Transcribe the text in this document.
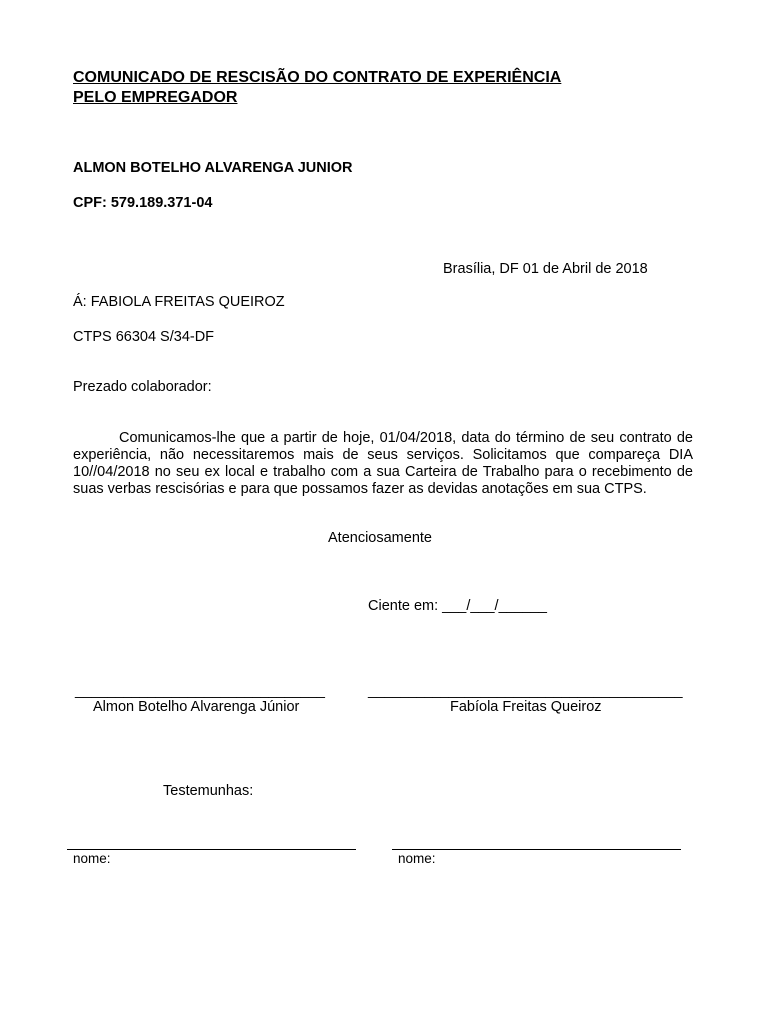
COMUNICADO DE RESCISÃO DO CONTRATO DE EXPERIÊNCIA
PELO EMPREGADOR
ALMON BOTELHO ALVARENGA JUNIOR
CPF: 579.189.371-04
Brasília, DF 01 de Abril de 2018
Á: FABIOLA FREITAS QUEIROZ
CTPS 66304 S/34-DF
Prezado colaborador:
Comunicamos-lhe que a partir de hoje, 01/04/2018, data do término de seu contrato de experiência, não necessitaremos mais de seus serviços. Solicitamos que compareça DIA 10//04/2018 no seu ex local e trabalho com a sua Carteira de Trabalho para o recebimento de suas verbas rescisórias e para que possamos fazer as devidas anotações em sua CTPS.
Atenciosamente
Ciente em: ___/___/______
_______________________________
Almon Botelho Alvarenga Júnior
_______________________________________
Fabíola Freitas Queiroz
Testemunhas:
nome:	nome:
